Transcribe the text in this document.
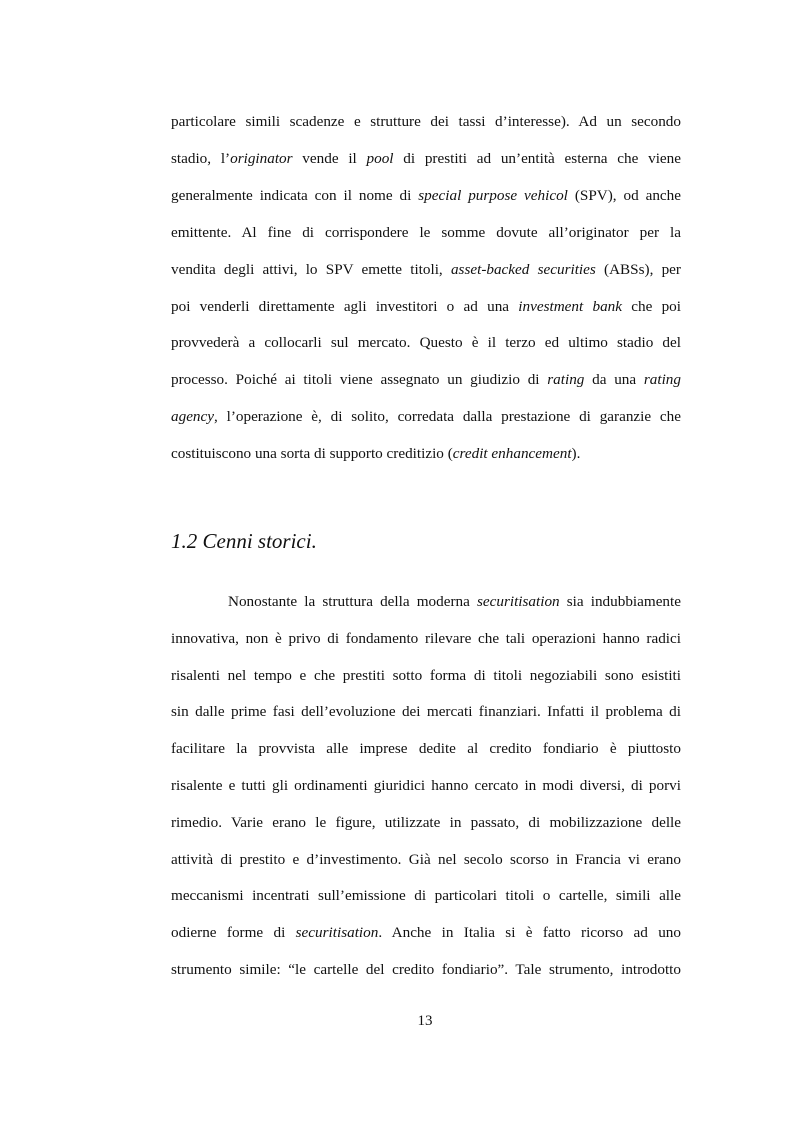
particolare simili scadenze e strutture dei tassi d’interesse). Ad un secondo
stadio, l’originator vende il pool di prestiti ad un’entità esterna che viene
generalmente indicata con il nome di special purpose vehicol (SPV), od anche
emittente. Al fine di corrispondere le somme dovute all’originator per la
vendita degli attivi, lo SPV emette titoli, asset-backed securities (ABSs), per
poi venderli direttamente agli investitori o ad una investment bank che poi
provvederà a collocarli sul mercato. Questo è il terzo ed ultimo stadio del
processo. Poiché ai titoli viene assegnato un giudizio di rating da una rating
agency, l’operazione è, di solito, corredata dalla prestazione di garanzie che
costituiscono una sorta di supporto creditizio (credit enhancement).
1.2 Cenni storici.
Nonostante la struttura della moderna securitisation sia indubbiamente
innovativa, non è privo di fondamento rilevare che tali operazioni hanno radici
risalenti nel tempo e che prestiti sotto forma di titoli negoziabili sono esistiti
sin dalle prime fasi dell’evoluzione dei mercati finanziari. Infatti il problema di
facilitare la provvista alle imprese dedite al credito fondiario è piuttosto
risalente e tutti gli ordinamenti giuridici hanno cercato in modi diversi, di porvi
rimedio. Varie erano le figure, utilizzate in passato, di mobilizzazione delle
attività di prestito e d’investimento. Già nel secolo scorso in Francia vi erano
meccanismi incentrati sull’emissione di particolari titoli o cartelle, simili alle
odierne forme di securitisation. Anche in Italia si è fatto ricorso ad uno
strumento simile: “le cartelle del credito fondiario”. Tale strumento, introdotto
13
